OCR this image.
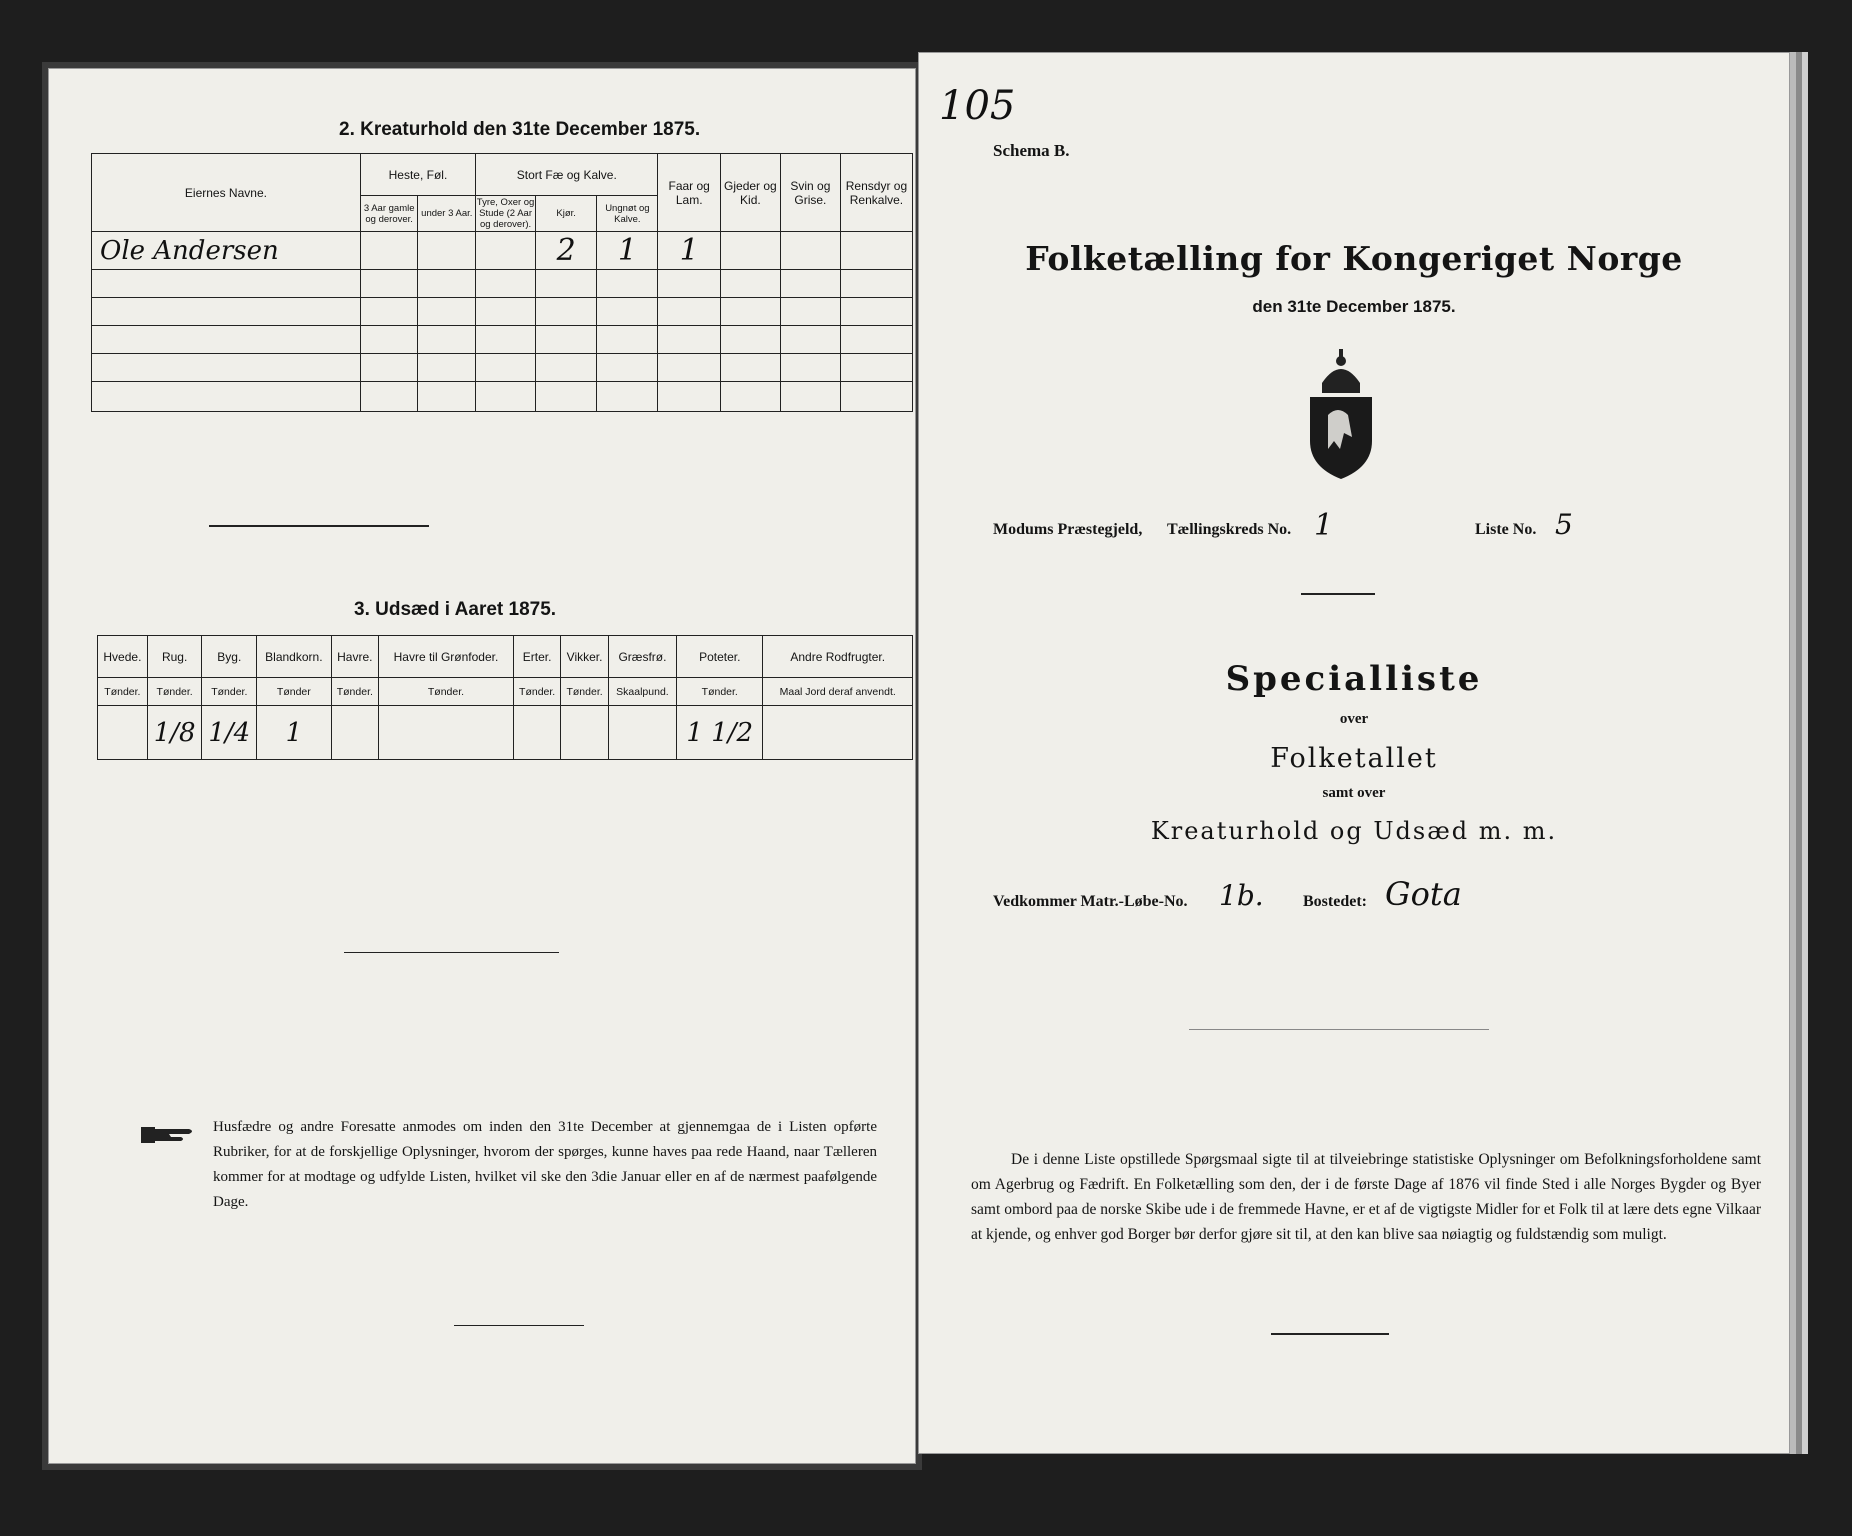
2. Kreaturhold den 31te December 1875.
Eiernes Navne.	Heste, Føl.		Stort Fæ og Kalve.			Faar og Lam.	Gjeder og Kid.	Svin og Grise.	Rensdyr og Renkalve.
	3 Aar gamle og derover.	under 3 Aar.	Tyre, Oxer og Stude (2 Aar og derover).	Kjør.	Ungnøt og Kalve.				
Ole Andersen				2	1	1			

3. Udsæd i Aaret 1875.
Hvede.	Rug.	Byg.	Blandkorn.	Havre.	Havre til Grønfoder.	Erter.	Vikker.	Græsfrø.	Poteter.	Andre Rodfrugter.
Tønder.	Tønder.	Tønder.	Tønder	Tønder.	Tønder.	Tønder.	Tønder.	Skaalpund.	Tønder.	Maal Jord deraf anvendt.
	1/8	1/4	1						1 1/2	
Husfædre og andre Foresatte anmodes om inden den 31te December at gjennemgaa de i Listen opførte Rubriker, for at de forskjellige Oplysninger, hvorom der spørges, kunne haves paa rede Haand, naar Tælleren kommer for at modtage og udfylde Listen, hvilket vil ske den 3die Januar eller en af de nærmest paafølgende Dage.
105
Schema B.
Folketælling for Kongeriget Norge
den 31te December 1875.
Modums Præstegjeld, Tællingskreds No. 1	Liste No. 5
Specialliste
over
Folketallet
samt over
Kreaturhold og Udsæd m. m.
Vedkommer Matr.-Løbe-No. 1b. Bostedet: Gota
De i denne Liste opstillede Spørgsmaal sigte til at tilveiebringe statistiske Oplysninger om Befolkningsforholdene samt om Agerbrug og Fædrift. En Folketælling som den, der i de første Dage af 1876 vil finde Sted i alle Norges Bygder og Byer samt ombord paa de norske Skibe ude i de fremmede Havne, er et af de vigtigste Midler for et Folk til at lære dets egne Vilkaar at kjende, og enhver god Borger bør derfor gjøre sit til, at den kan blive saa nøiagtig og fuldstændig som muligt.
